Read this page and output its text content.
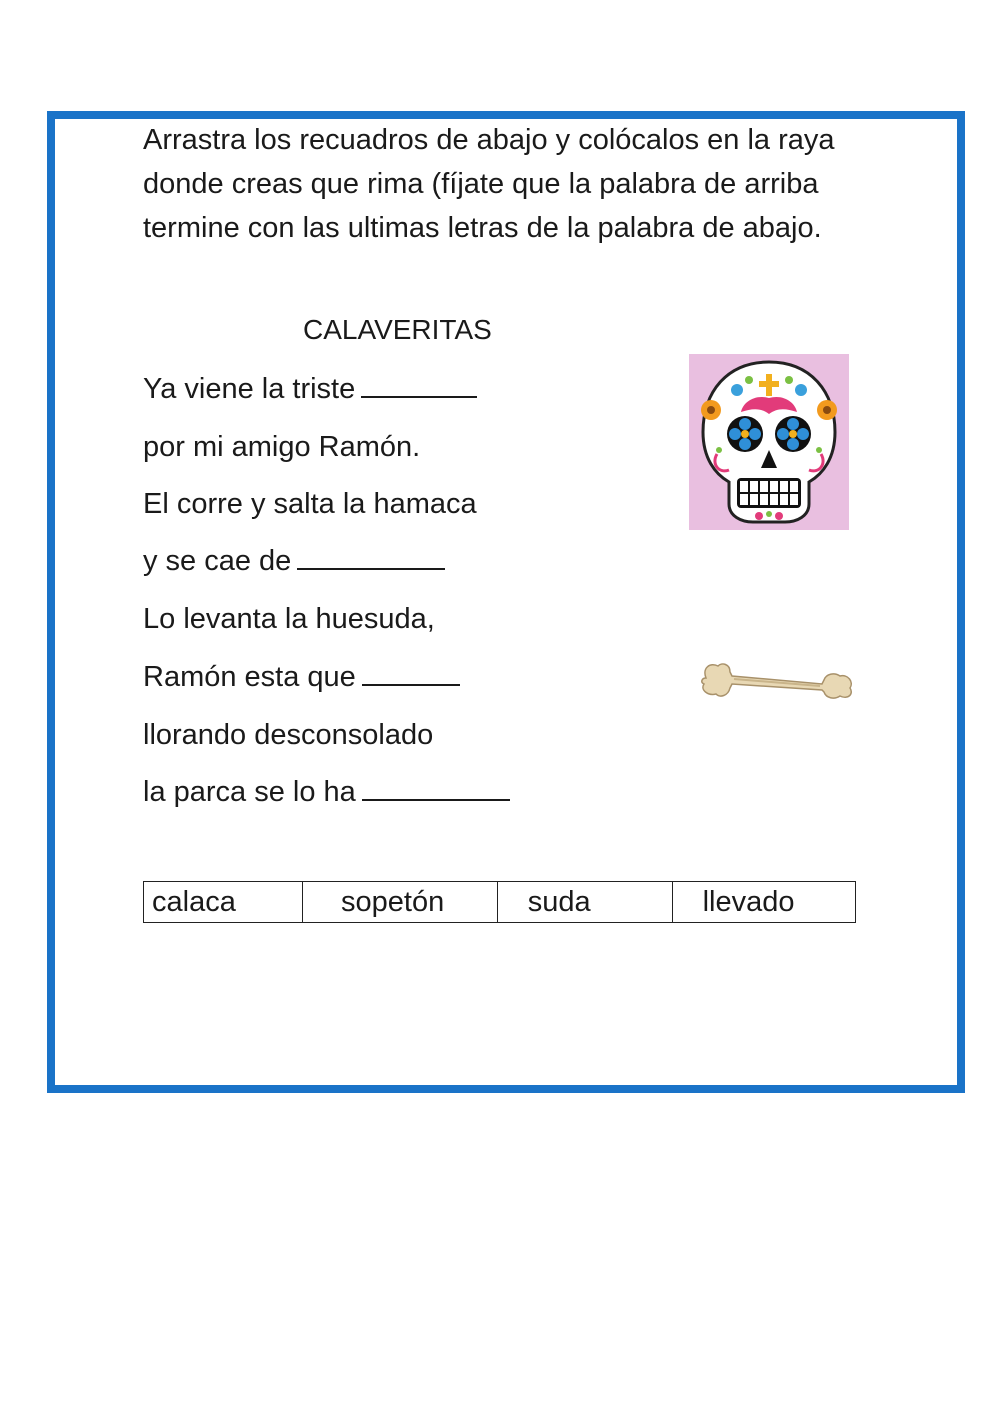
Arrastra los recuadros de abajo y colócalos en la raya donde creas que rima (fíjate que la palabra de arriba termine con las ultimas letras de la palabra de abajo.

CALAVERITAS
Ya viene la triste
por mi amigo Ramón.
El corre y salta la hamaca
y se cae de
Lo levanta la huesuda,
Ramón esta que
llorando desconsolado
la parca se lo ha
calaca	sopetón	suda	llevado
